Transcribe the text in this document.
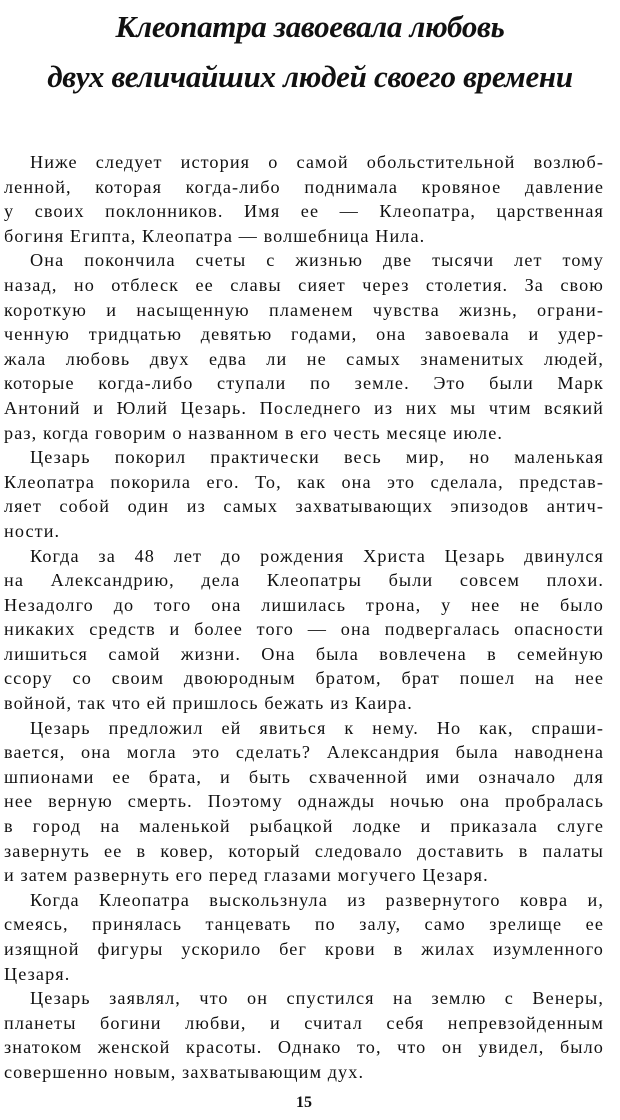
Клеопатра завоевала любовь
двух величайших людей своего времени
Ниже следует история о самой обольстительной возлюб-
ленной, которая когда-либо поднимала кровяное давление
у своих поклонников. Имя ее — Клеопатра, царственная
богиня Египта, Клеопатра — волшебница Нила.
Она покончила счеты с жизнью две тысячи лет тому
назад, но отблеск ее славы сияет через столетия. За свою
короткую и насыщенную пламенем чувства жизнь, ограни-
ченную тридцатью девятью годами, она завоевала и удер-
жала любовь двух едва ли не самых знаменитых людей,
которые когда-либо ступали по земле. Это были Марк
Антоний и Юлий Цезарь. Последнего из них мы чтим всякий
раз, когда говорим о названном в его честь месяце июле.
Цезарь покорил практически весь мир, но маленькая
Клеопатра покорила его. То, как она это сделала, представ-
ляет собой один из самых захватывающих эпизодов антич-
ности.
Когда за 48 лет до рождения Христа Цезарь двинулся
на Александрию, дела Клеопатры были совсем плохи.
Незадолго до того она лишилась трона, у нее не было
никаких средств и более того — она подвергалась опасности
лишиться самой жизни. Она была вовлечена в семейную
ссору со своим двоюродным братом, брат пошел на нее
войной, так что ей пришлось бежать из Каира.
Цезарь предложил ей явиться к нему. Но как, спраши-
вается, она могла это сделать? Александрия была наводнена
шпионами ее брата, и быть схваченной ими означало для
нее верную смерть. Поэтому однажды ночью она пробралась
в город на маленькой рыбацкой лодке и приказала слуге
завернуть ее в ковер, который следовало доставить в палаты
и затем развернуть его перед глазами могучего Цезаря.
Когда Клеопатра выскользнула из развернутого ковра и,
смеясь, принялась танцевать по залу, само зрелище ее
изящной фигуры ускорило бег крови в жилах изумленного
Цезаря.
Цезарь заявлял, что он спустился на землю с Венеры,
планеты богини любви, и считал себя непревзойденным
знатоком женской красоты. Однако то, что он увидел, было
совершенно новым, захватывающим дух.
15
